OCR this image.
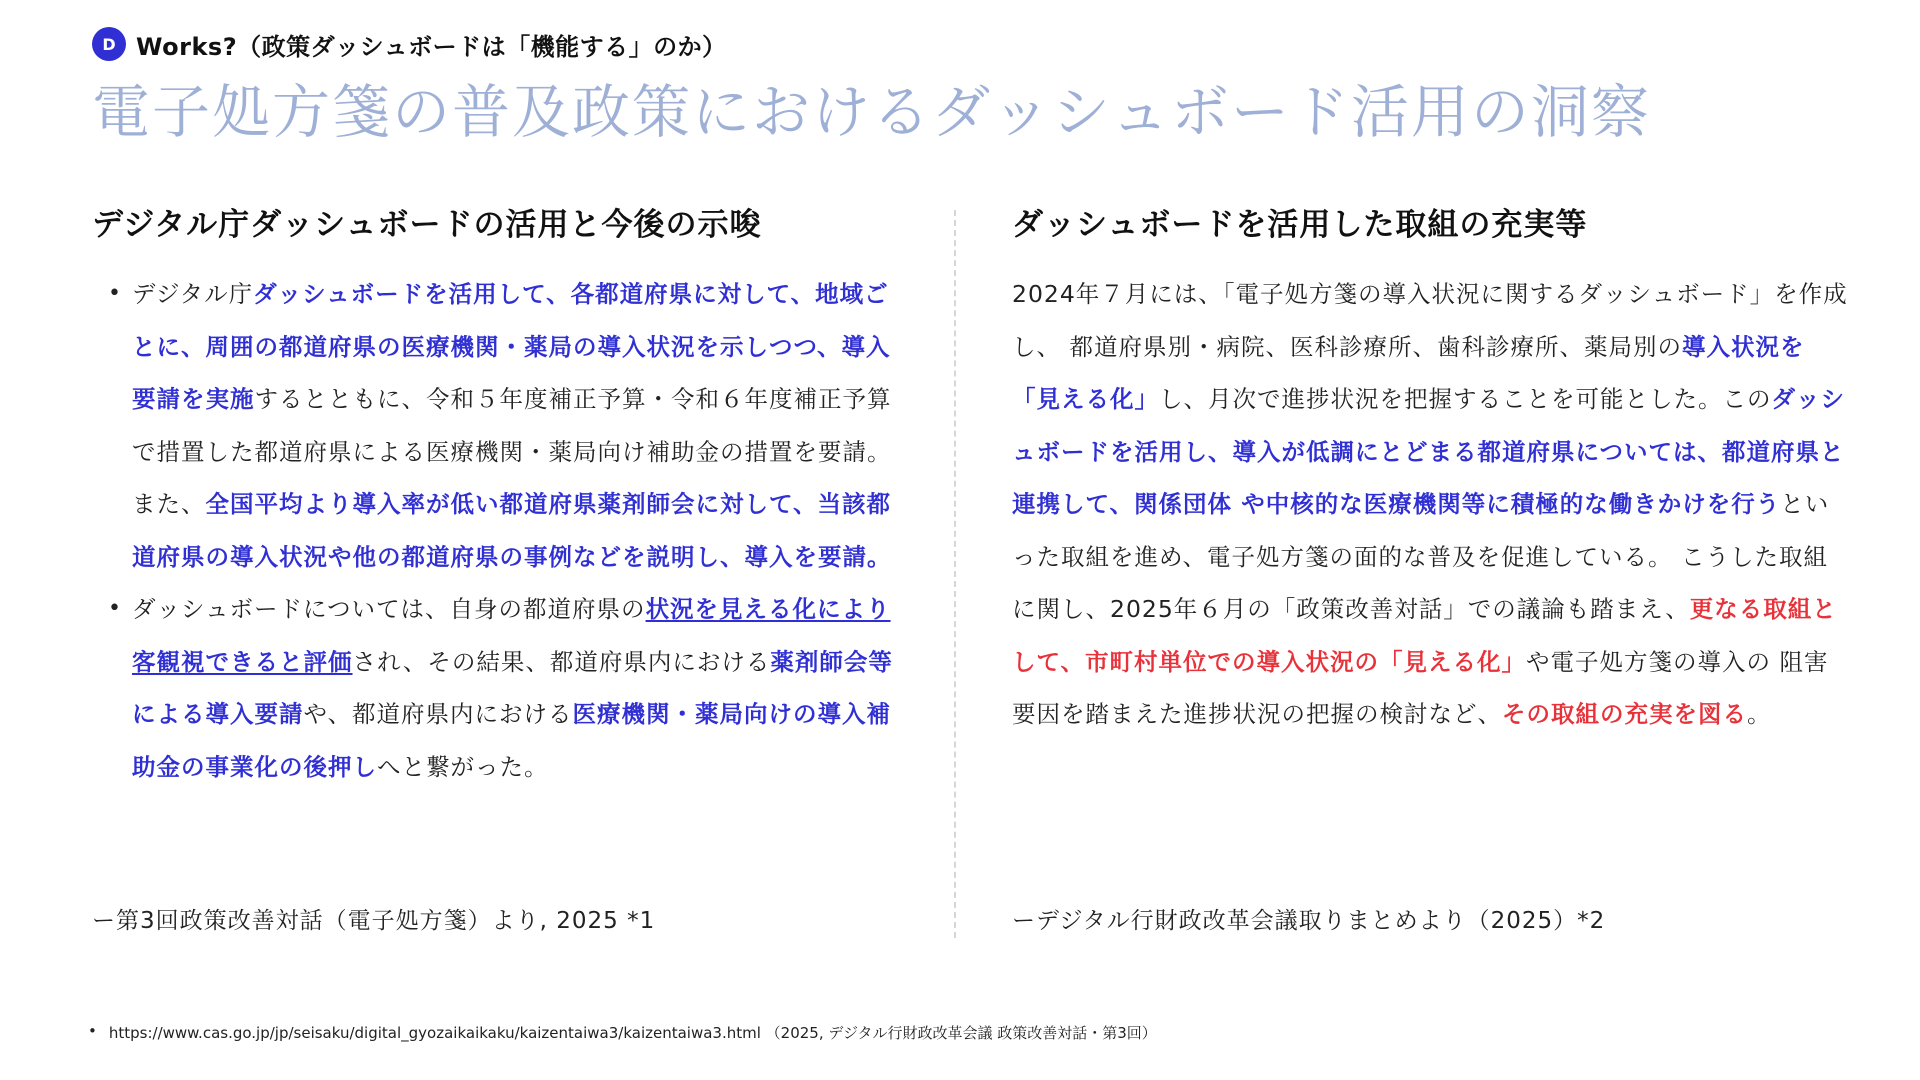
D Works?（政策ダッシュボードは「機能する」のか）
電子処方箋の普及政策におけるダッシュボード活用の洞察
デジタル庁ダッシュボードの活用と今後の示唆
• デジタル庁ダッシュボードを活用して、各都道府県に対して、地域ごとに、周囲の都道府県の医療機関・薬局の導入状況を示しつつ、導入要請を実施するとともに、令和５年度補正予算・令和６年度補正予算で措置した都道府県による医療機関・薬局向け補助金の措置を要請。また、全国平均より導入率が低い都道府県薬剤師会に対して、当該都道府県の導入状況や他の都道府県の事例などを説明し、導入を要請。
• ダッシュボードについては、自身の都道府県の状況を見える化により客観視できると評価され、その結果、都道府県内における薬剤師会等による導入要請や、都道府県内における医療機関・薬局向けの導入補助金の事業化の後押しへと繋がった。
ダッシュボードを活用した取組の充実等

2024年７月には、「電子処方箋の導入状況に関するダッシュボード」を作成し、 都道府県別・病院、医科診療所、歯科診療所、薬局別の導入状況を「見える化」し、月次で進捗状況を把握することを可能とした。このダッシュボードを活用し、導入が低調にとどまる都道府県については、都道府県と連携して、関係団体 や中核的な医療機関等に積極的な働きかけを行うといった取組を進め、電子処方箋の面的な普及を促進している。 こうした取組に関し、2025年６月の「政策改善対話」での議論も踏まえ、更なる取組として、市町村単位での導入状況の「見える化」や電子処方箋の導入の 阻害要因を踏まえた進捗状況の把握の検討など、その取組の充実を図る。

ー第3回政策改善対話（電子処方箋）より, 2025 *1	ーデジタル行財政改革会議取りまとめより（2025）*2
• https://www.cas.go.jp/jp/seisaku/digital_gyozaikaikaku/kaizentaiwa3/kaizentaiwa3.html （2025, デジタル行財政改革会議 政策改善対話・第3回）
